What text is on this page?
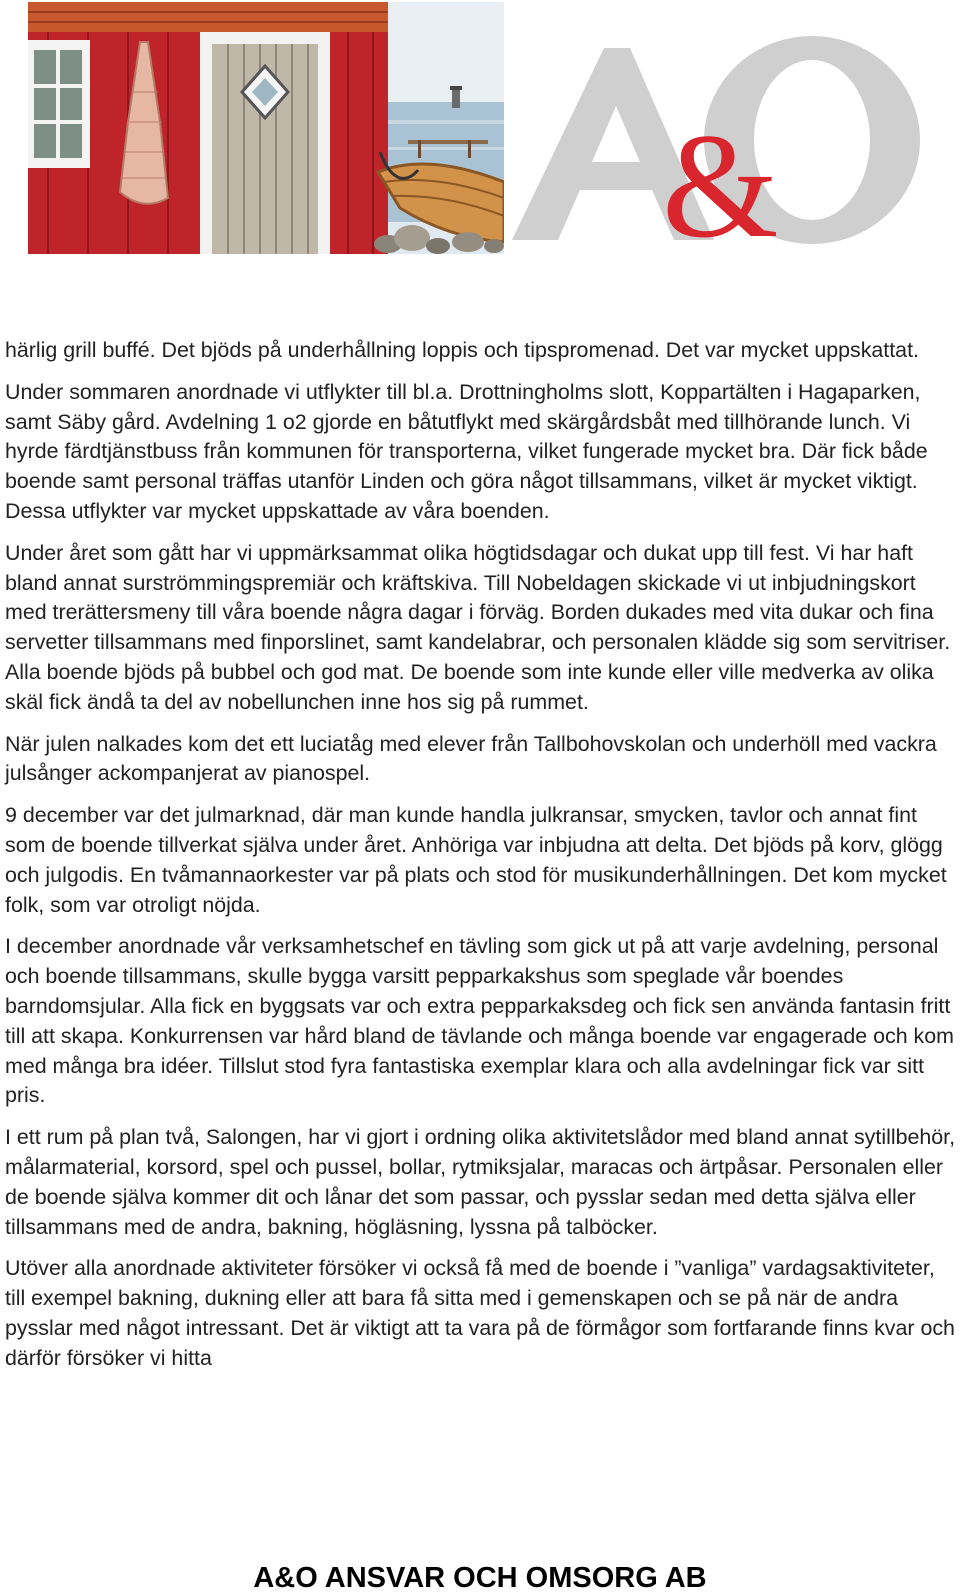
&

härlig grill buffé. Det bjöds på underhållning loppis och tipspromenad. Det var mycket uppskattat.

Under sommaren anordnade vi utflykter till bl.a. Drottningholms slott, Koppartälten i Hagaparken, samt Säby gård. Avdelning 1 o2 gjorde en båtutflykt med skärgårdsbåt med tillhörande lunch. Vi hyrde färdtjänstbuss från kommunen för transporterna, vilket fungerade mycket bra. Där fick både boende samt personal träffas utanför Linden och göra något tillsammans, vilket är mycket viktigt. Dessa utflykter var mycket uppskattade av våra boenden.

Under året som gått har vi uppmärksammat olika högtidsdagar och dukat upp till fest. Vi har haft bland annat surströmmingspremiär och kräftskiva. Till Nobeldagen skickade vi ut inbjudningskort med trerättersmeny till våra boende några dagar i förväg. Borden dukades med vita dukar och fina servetter tillsammans med finporslinet, samt kandelabrar, och personalen klädde sig som servitriser. Alla boende bjöds på bubbel och god mat. De boende som inte kunde eller ville medverka av olika skäl fick ändå ta del av nobellunchen inne hos sig på rummet.

När julen nalkades kom det ett luciatåg med elever från Tallbohovskolan och underhöll med vackra julsånger ackompanjerat av pianospel.

9 december var det julmarknad, där man kunde handla julkransar, smycken, tavlor och annat fint som de boende tillverkat själva under året. Anhöriga var inbjudna att delta. Det bjöds på korv, glögg och julgodis. En tvåmannaorkester var på plats och stod för musikunderhållningen. Det kom mycket folk, som var otroligt nöjda.

I december anordnade vår verksamhetschef en tävling som gick ut på att varje avdelning, personal och boende tillsammans, skulle bygga varsitt pepparkakshus som speglade vår boendes barndomsjular. Alla fick en byggsats var och extra pepparkaksdeg och fick sen använda fantasin fritt till att skapa. Konkurrensen var hård bland de tävlande och många boende var engagerade och kom med många bra idéer. Tillslut stod fyra fantastiska exemplar klara och alla avdelningar fick var sitt pris.

I ett rum på plan två, Salongen, har vi gjort i ordning olika aktivitetslådor med bland annat sytillbehör, målarmaterial, korsord, spel och pussel, bollar, rytmiksjalar, maracas och ärtpåsar. Personalen eller de boende själva kommer dit och lånar det som passar, och pysslar sedan med detta själva eller tillsammans med de andra, bakning, högläsning, lyssna på talböcker.

Utöver alla anordnade aktiviteter försöker vi också få med de boende i ”vanliga” vardagsaktiviteter, till exempel bakning, dukning eller att bara få sitta med i gemenskapen och se på när de andra pysslar med något intressant. Det är viktigt att ta vara på de förmågor som fortfarande finns kvar och därför försöker vi hitta

A&O ANSVAR OCH OMSORG AB
